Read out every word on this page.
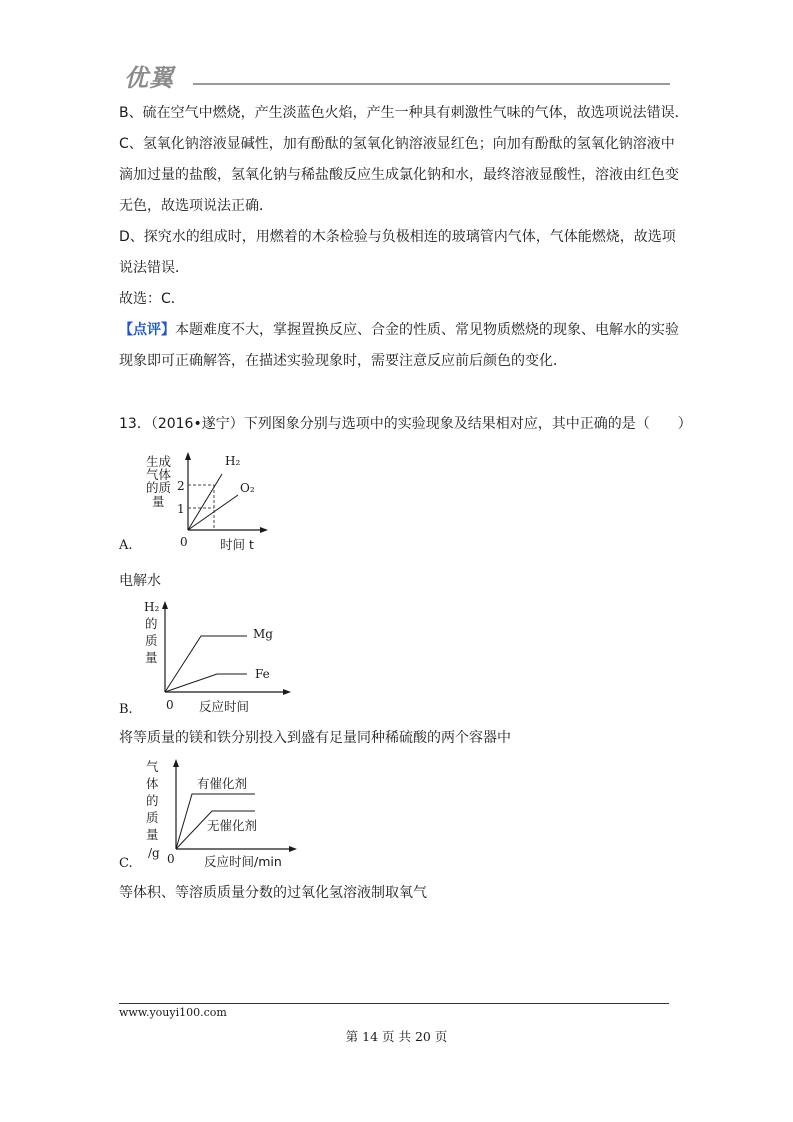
优翼
B、硫在空气中燃烧，产生淡蓝色火焰，产生一种具有刺激性气味的气体，故选项说法错误．
C、氢氧化钠溶液显碱性，加有酚酞的氢氧化钠溶液显红色；向加有酚酞的氢氧化钠溶液中
滴加过量的盐酸，氢氧化钠与稀盐酸反应生成氯化钠和水，最终溶液显酸性，溶液由红色变
无色，故选项说法正确．
D、探究水的组成时，用燃着的木条检验与负极相连的玻璃管内气体，气体能燃烧，故选项
说法错误．
故选：C．
【点评】本题难度不大，掌握置换反应、合金的性质、常见物质燃烧的现象、电解水的实验
现象即可正确解答，在描述实验现象时，需要注意反应前后颜色的变化．
13．（2016•遂宁）下列图象分别与选项中的实验现象及结果相对应，其中正确的是（　　）
生成
气体
的质
量
2
1
H₂
O₂
0	时间 t
A.
电解水
H₂
的
质
量
Mg
Fe
0 反应时间
B.
将等质量的镁和铁分别投入到盛有足量同种稀硫酸的两个容器中
气
体
的
质
量
/g
有催化剂
无催化剂
0 反应时间/min
C.
等体积、等溶质质量分数的过氧化氢溶液制取氧气
www.youyi100.com
第 14 页 共 20 页
